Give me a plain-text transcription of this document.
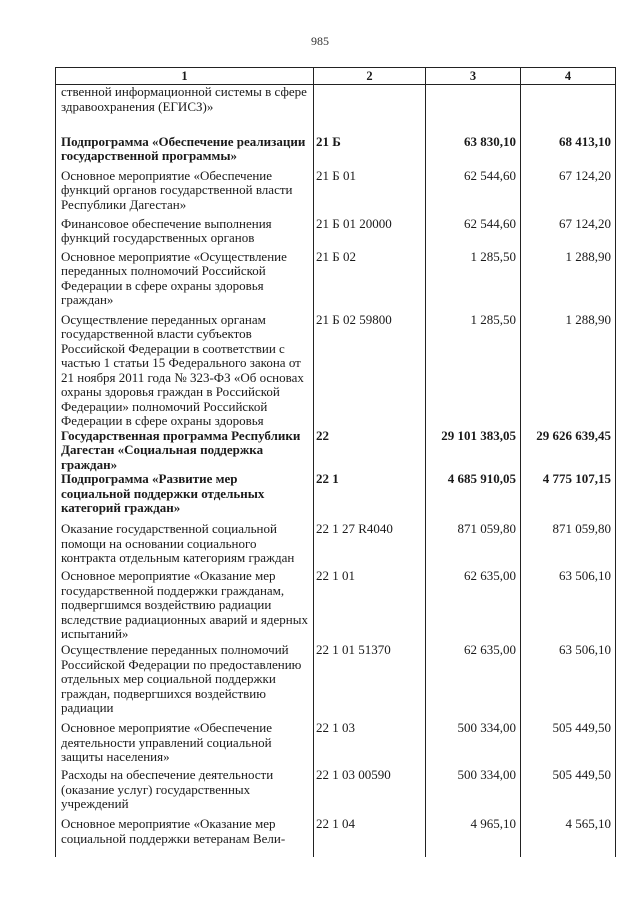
985
1	2	3	4
ственной информационной системы в сфере здравоохранения (ЕГИСЗ)»			
Подпрограмма «Обеспечение реализации государственной программы»	21 Б	63 830,10	68 413,10
Основное мероприятие «Обеспечение функций органов государственной власти Республики Дагестан»	21 Б 01	62 544,60	67 124,20
Финансовое обеспечение выполнения функций государственных органов	21 Б 01 20000	62 544,60	67 124,20
Основное мероприятие «Осуществление переданных полномочий Российской Федерации в сфере охраны здоровья граждан»	21 Б 02	1 285,50	1 288,90
Осуществление переданных органам государственной власти субъектов Российской Федерации в соответствии с частью 1 статьи 15 Федерального закона от 21 ноября 2011 года № 323-ФЗ «Об основах охраны здоровья граждан в Российской Федерации» полномочий Российской Федерации в сфере охраны здоровья	21 Б 02 59800	1 285,50	1 288,90
Государственная программа Республики Дагестан «Социальная поддержка граждан»	22	29 101 383,05	29 626 639,45
Подпрограмма «Развитие мер социальной поддержки отдельных категорий граждан»	22 1	4 685 910,05	4 775 107,15
Оказание государственной социальной помощи на основании социального контракта отдельным категориям граждан	22 1 27 R4040	871 059,80	871 059,80
Основное мероприятие «Оказание мер государственной поддержки гражданам, подвергшимся воздействию радиации вследствие радиационных аварий и ядерных испытаний»	22 1 01	62 635,00	63 506,10
Осуществление переданных полномочий Российской Федерации по предоставлению отдельных мер социальной поддержки граждан, подвергшихся воздействию радиации	22 1 01 51370	62 635,00	63 506,10
Основное мероприятие «Обеспечение деятельности управлений социальной защиты населения»	22 1 03	500 334,00	505 449,50
Расходы на обеспечение деятельности (оказание услуг) государственных учреждений	22 1 03 00590	500 334,00	505 449,50
Основное мероприятие «Оказание мер социальной поддержки ветеранам Вели-	22 1 04	4 965,10	4 565,10
